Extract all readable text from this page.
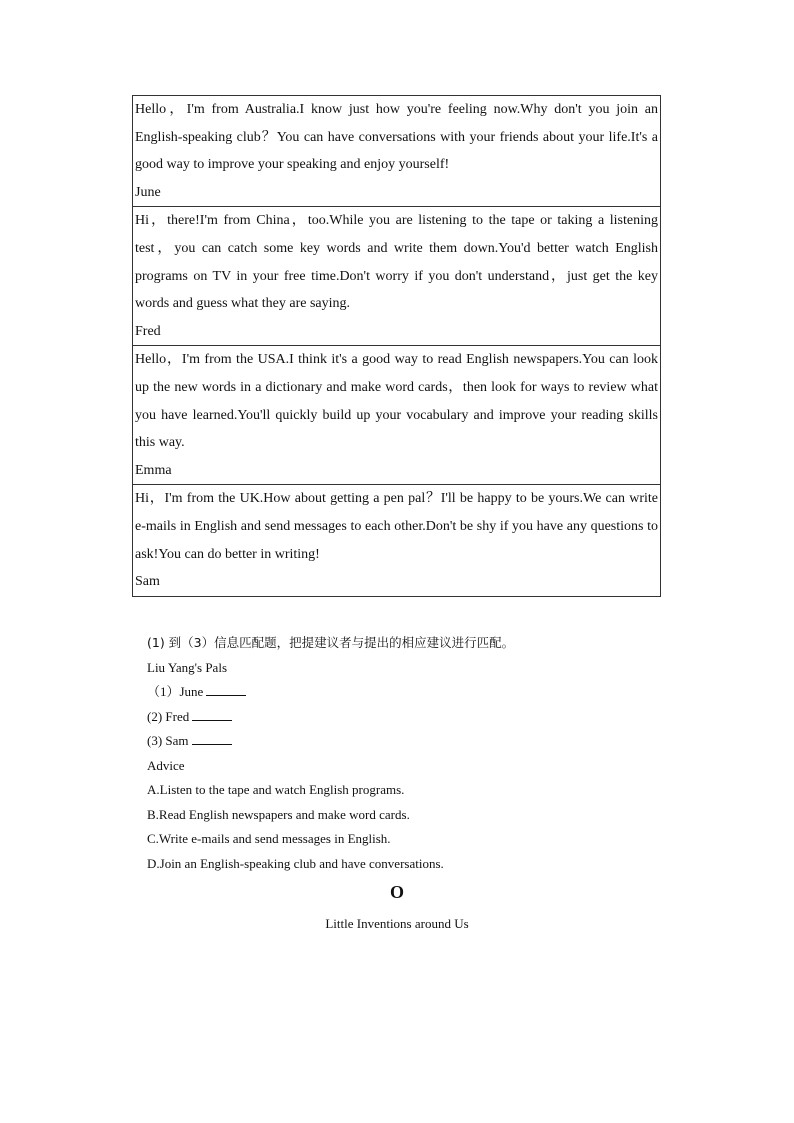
Hello，I'm from Australia.I know just how you're feeling now.Why don't you join an English-speaking club？You can have conversations with your friends about your life.It's a good way to improve your speaking and enjoy yourself!
June

Hi，there!I'm from China，too.While you are listening to the tape or taking a listening test，you can catch some key words and write them down.You'd better watch English programs on TV in your free time.Don't worry if you don't understand，just get the key words and guess what they are saying.
Fred

Hello，I'm from the USA.I think it's a good way to read English newspapers.You can look up the new words in a dictionary and make word cards，then look for ways to review what you have learned.You'll quickly build up your vocabulary and improve your reading skills this way.
Emma

Hi，I'm from the UK.How about getting a pen pal？I'll be happy to be yours.We can write e-mails in English and send messages to each other.Don't be shy if you have any questions to ask!You can do better in writing!
Sam
(1) 到（3）信息匹配题，把提建议者与提出的相应建议进行匹配。
Liu Yang's Pals
（1）June
(2) Fred
(3) Sam
Advice
A.Listen to the tape and watch English programs.
B.Read English newspapers and make word cards.
C.Write e-mails and send messages in English.
D.Join an English-speaking club and have conversations.
O
Little Inventions around Us
